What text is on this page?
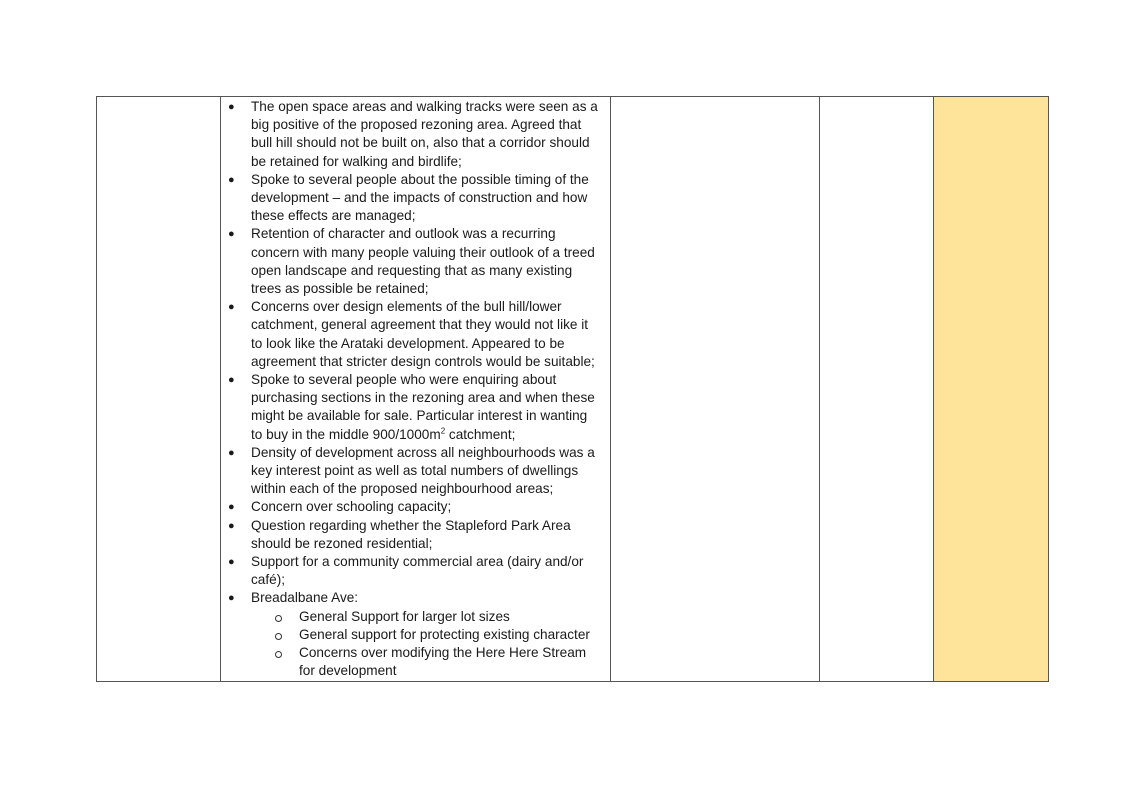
● The open space areas and walking tracks were seen as a big positive of the proposed rezoning area. Agreed that bull hill should not be built on, also that a corridor should be retained for walking and birdlife;
● Spoke to several people about the possible timing of the development – and the impacts of construction and how these effects are managed;
● Retention of character and outlook was a recurring concern with many people valuing their outlook of a treed open landscape and requesting that as many existing trees as possible be retained;
● Concerns over design elements of the bull hill/lower catchment, general agreement that they would not like it to look like the Arataki development. Appeared to be agreement that stricter design controls would be suitable;
● Spoke to several people who were enquiring about purchasing sections in the rezoning area and when these might be available for sale. Particular interest in wanting to buy in the middle $900/1000m^2$ catchment;
● Density of development across all neighbourhoods was a key interest point as well as total numbers of dwellings within each of the proposed neighbourhood areas;
● Concern over schooling capacity;
● Question regarding whether the Stapleford Park Area should be rezoned residential;
● Support for a community commercial area (dairy and/or café);
● Breadalbane Ave:
General Support for larger lot sizes
General support for protecting existing character
Concerns over modifying the Here Here Stream for development
